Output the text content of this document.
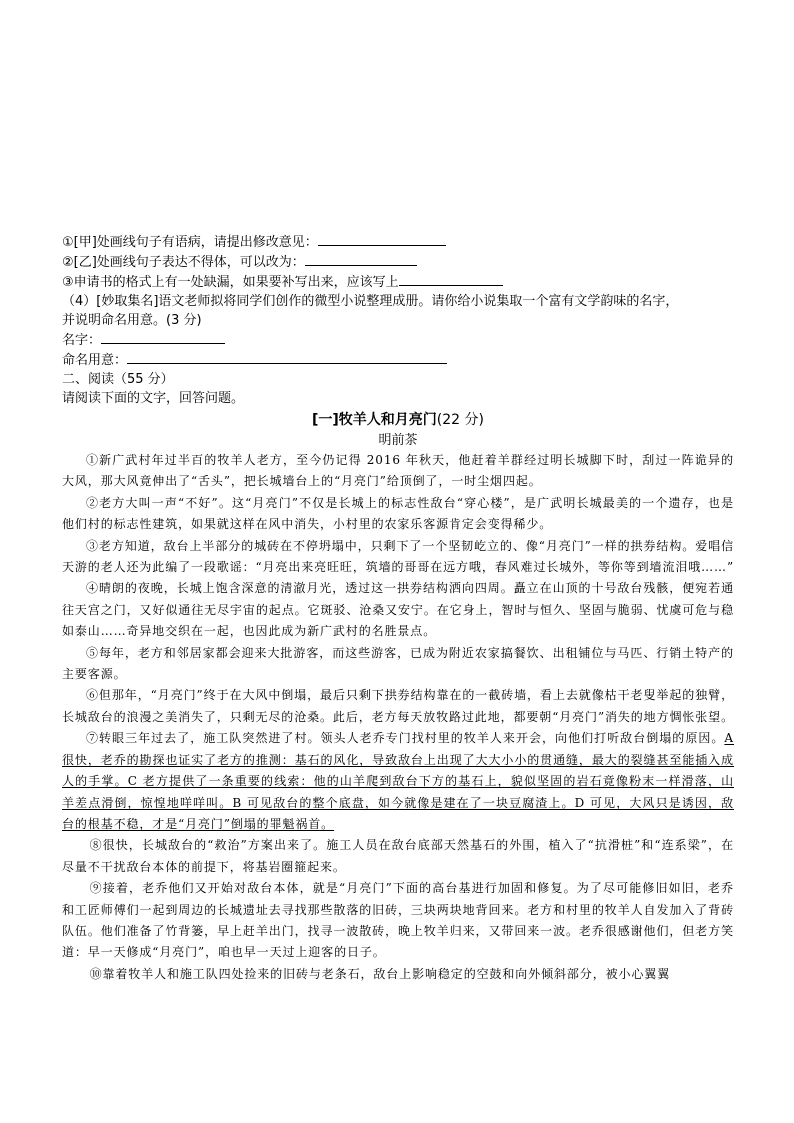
①[甲]处画线句子有语病，请提出修改意见：
②[乙]处画线句子表达不得体，可以改为：
③申请书的格式上有一处缺漏，如果要补写出来，应该写上
（4）[妙取集名]语文老师拟将同学们创作的微型小说整理成册。请你给小说集取一个富有文学韵味的名字，
并说明命名用意。(3 分)
名字：
命名用意：
二、阅读（55 分）
请阅读下面的文字，回答问题。
[一]牧羊人和月亮门(22 分)
明前茶

①新广武村年过半百的牧羊人老方，至今仍记得 2016 年秋天，他赶着羊群经过明长城脚下时，刮过一阵诡异的大风，那大风竟伸出了“舌头”，把长城墙台上的“月亮门”给顶倒了，一时尘烟四起。

②老方大叫一声“不好”。这“月亮门”不仅是长城上的标志性敌台“穿心楼”，是广武明长城最美的一个遗存，也是他们村的标志性建筑，如果就这样在风中消失，小村里的农家乐客源肯定会变得稀少。

③老方知道，敌台上半部分的城砖在不停坍塌中，只剩下了一个坚韧屹立的、像“月亮门”一样的拱券结构。爱唱信天游的老人还为此编了一段歌谣：“月亮出来亮旺旺，筑墙的哥哥在远方哦，春风难过长城外，等你等到墙流泪哦……”

④晴朗的夜晚，长城上饱含深意的清澈月光，透过这一拱券结构洒向四周。矗立在山顶的十号敌台残骸，便宛若通往天宫之门，又好似通往无尽宇宙的起点。它斑驳、沧桑又安宁。在它身上，智时与恒久、坚固与脆弱、忧虞可危与稳如泰山……奇异地交织在一起，也因此成为新广武村的名胜景点。

⑤每年，老方和邻居家都会迎来大批游客，而这些游客，已成为附近农家搞餐饮、出租铺位与马匹、行销土特产的主要客源。

⑥但那年，“月亮门”终于在大风中倒塌，最后只剩下拱券结构靠在的一截砖墙，看上去就像枯干老叟举起的独臂，长城敌台的浪漫之美消失了，只剩无尽的沧桑。此后，老方每天放牧路过此地，都要朝“月亮门”消失的地方惆怅张望。

⑦转眼三年过去了，施工队突然进了村。领头人老乔专门找村里的牧羊人来开会，向他们打听敌台倒塌的原因。A 很快，老乔的勘探也证实了老方的推测：基石的风化，导致敌台上出现了大大小小的贯通缝，最大的裂缝甚至能插入成人的手掌。C 老方提供了一条重要的线索：他的山羊爬到敌台下方的基石上，貌似坚固的岩石竟像粉末一样滑落，山羊差点滑倒，惊惶地咩咩叫。B 可见敌台的整个底盘，如今就像是建在了一块豆腐渣上。D 可见，大风只是诱因，敌台的根基不稳，才是“月亮门”倒塌的罪魁祸首。

⑧很快，长城敌台的“救治”方案出来了。施工人员在敌台底部天然基石的外围，植入了“抗滑桩”和“连系梁”，在尽量不干扰敌台本体的前提下，将基岩圈箍起来。

⑨接着，老乔他们又开始对敌台本体，就是“月亮门”下面的高台基进行加固和修复。为了尽可能修旧如旧，老乔和工匠师傅们一起到周边的长城遗址去寻找那些散落的旧砖，三块两块地背回来。老方和村里的牧羊人自发加入了背砖队伍。他们准备了竹背篓，早上赶羊出门，找寻一波散砖，晚上牧羊归来，又带回来一波。老乔很感谢他们，但老方笑道：早一天修成“月亮门”，咱也早一天过上迎客的日子。

⑩靠着牧羊人和施工队四处捡来的旧砖与老条石，敌台上影响稳定的空鼓和向外倾斜部分，被小心翼翼
